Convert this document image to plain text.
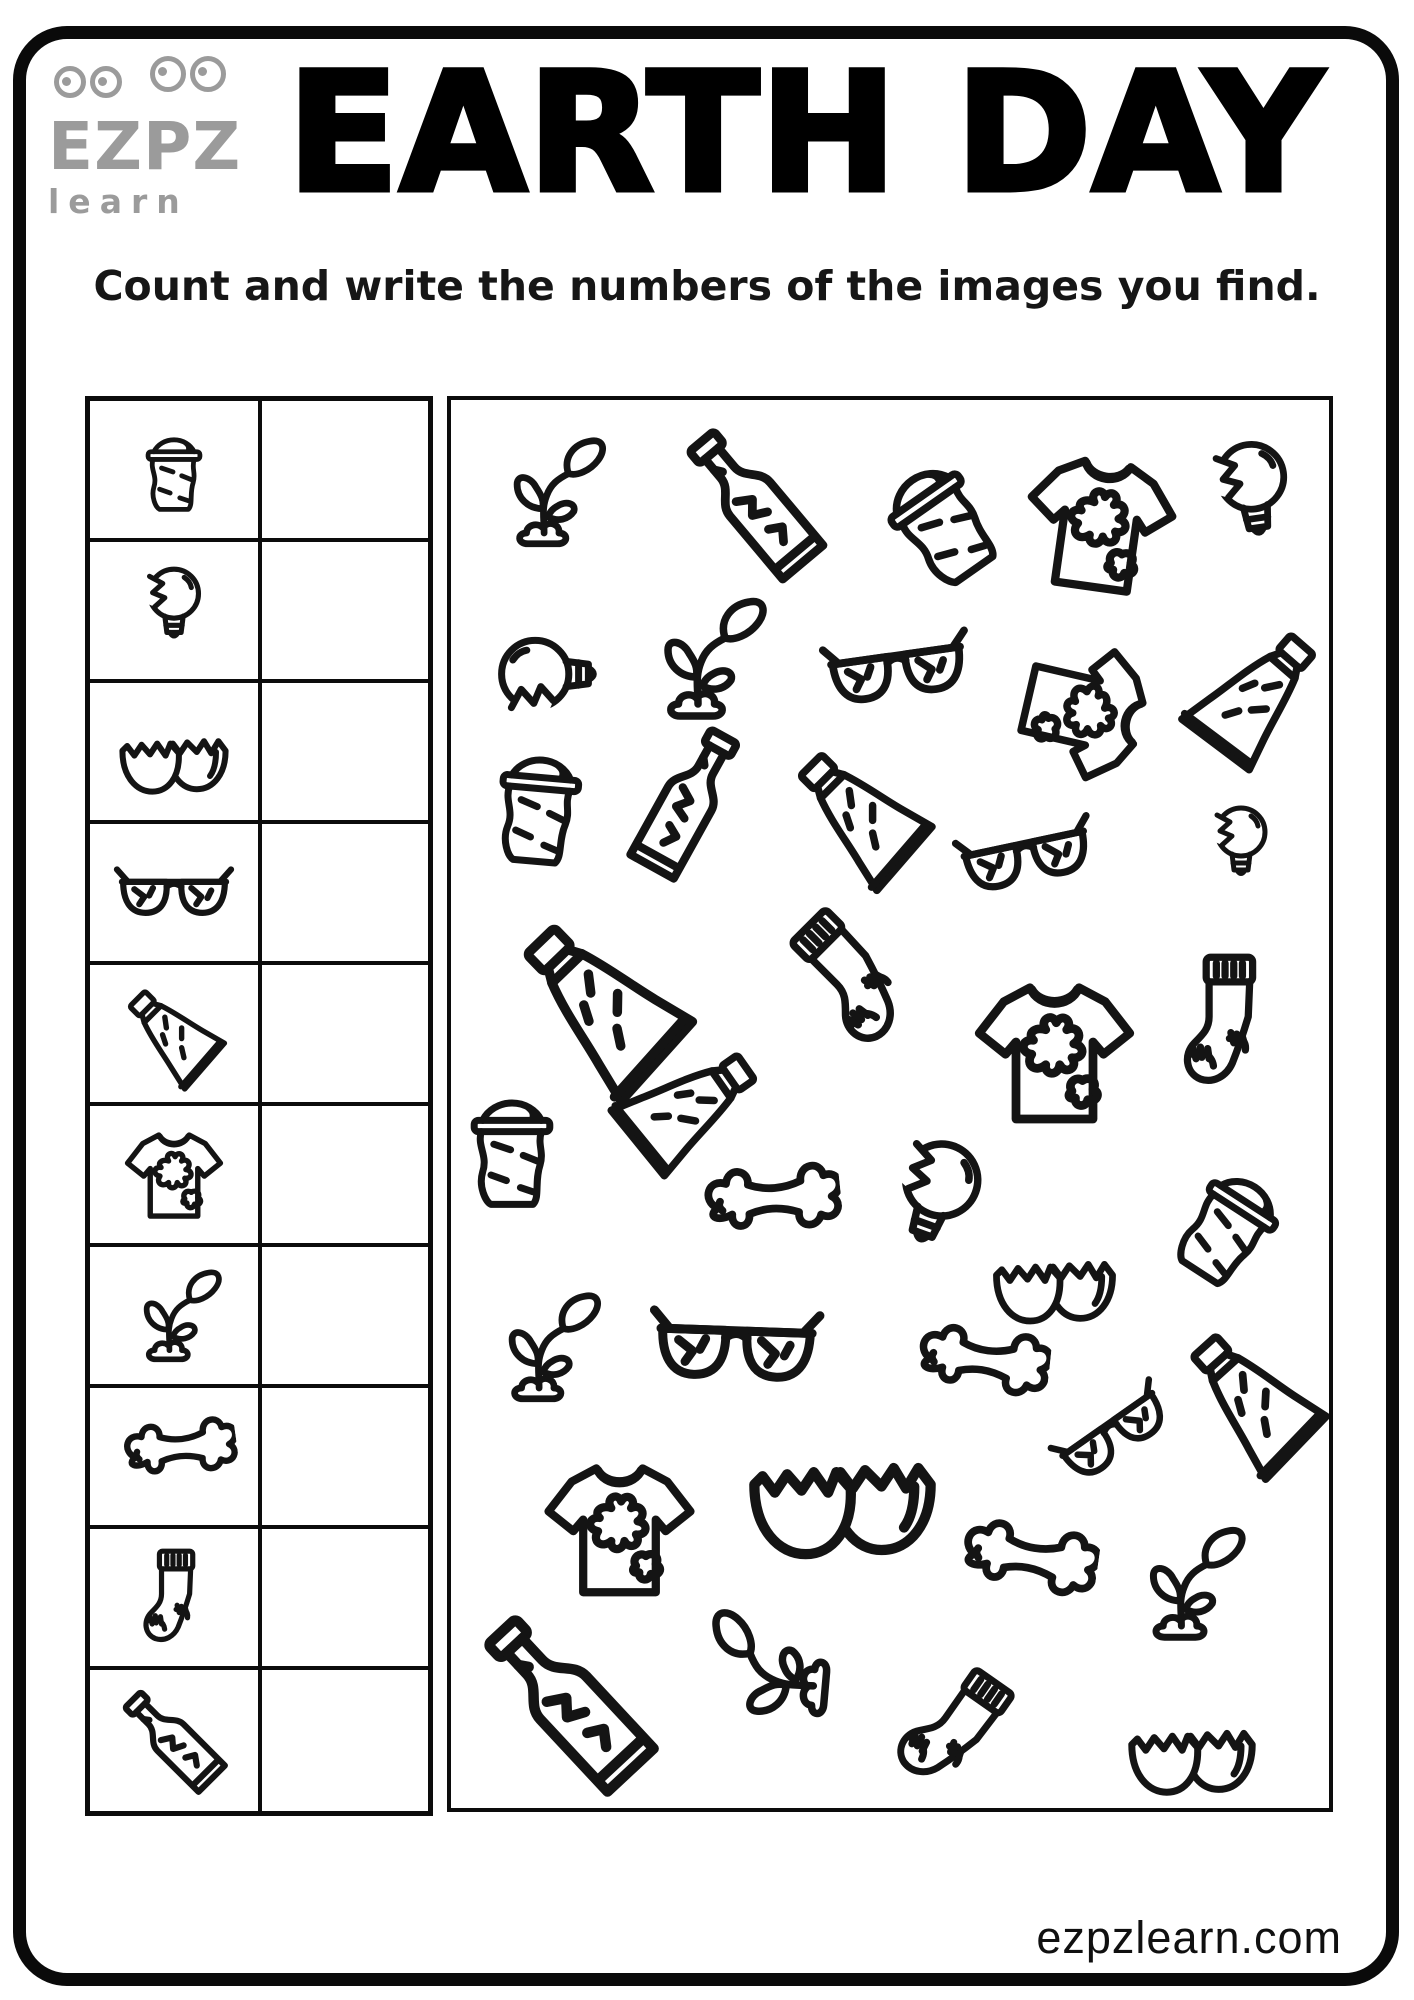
EZPZ
learn EARTH DAY

Count and write the numbers of the images you find.

ezpzlearn.com
